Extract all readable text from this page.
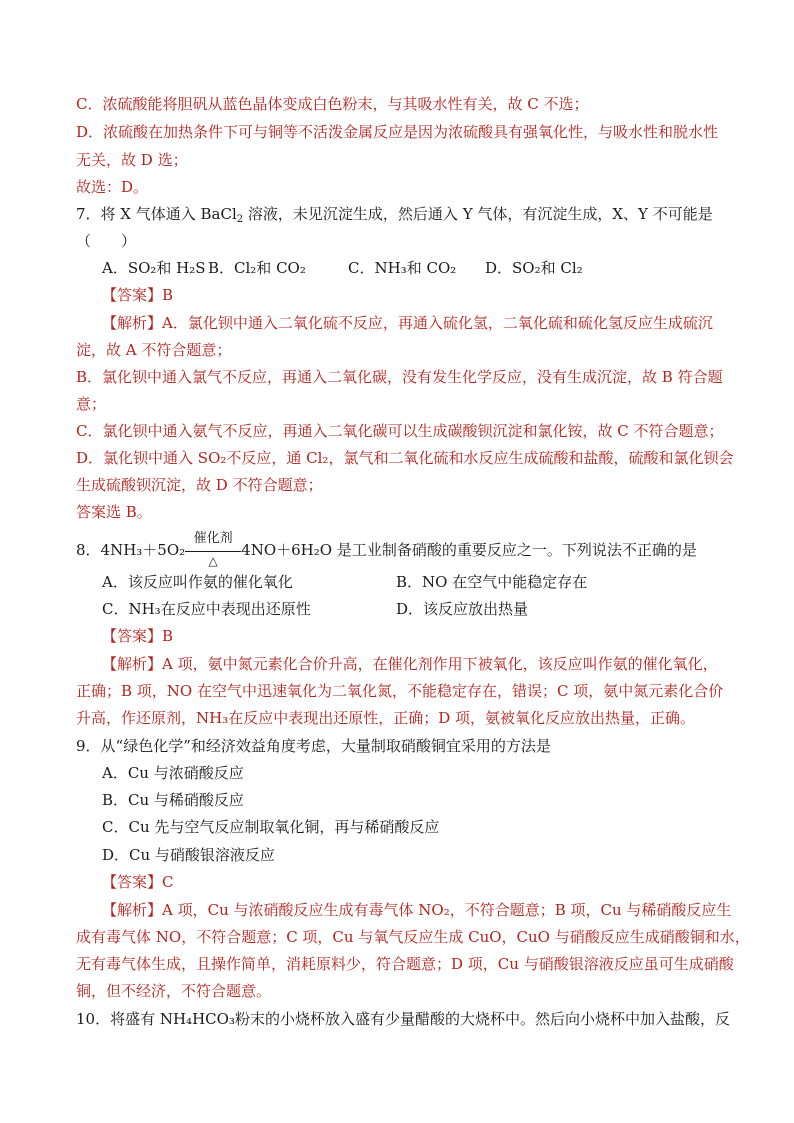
C．浓硫酸能将胆矾从蓝色晶体变成白色粉末，与其吸水性有关，故 C 不选；
D．浓硫酸在加热条件下可与铜等不活泼金属反应是因为浓硫酸具有强氧化性，与吸水性和脱水性
无关，故 D 选；
故选：D。
7．将 X 气体通入 BaCl$_2$ 溶液，未见沉淀生成，然后通入 Y 气体，有沉淀生成，X、Y 不可能是
（　　）
A．SO₂和 H₂S B．Cl₂和 CO₂	C．NH₃和 CO₂ D．SO₂和 Cl₂
【答案】B
【解析】A．氯化钡中通入二氧化硫不反应，再通入硫化氢，二氧化硫和硫化氢反应生成硫沉
淀，故 A 不符合题意；
B．氯化钡中通入氯气不反应，再通入二氧化碳，没有发生化学反应，没有生成沉淀，故 B 符合题
意；
C．氯化钡中通入氨气不反应，再通入二氧化碳可以生成碳酸钡沉淀和氯化铵，故 C 不符合题意；
D．氯化钡中通入 SO₂不反应，通 Cl₂，氯气和二氧化硫和水反应生成硫酸和盐酸，硫酸和氯化钡会
生成硫酸钡沉淀，故 D 不符合题意；
答案选 B。
8．4NH₃＋5O₂
催化剂
△
4NO＋6H₂O 是工业制备硝酸的重要反应之一。下列说法不正确的是
A．该反应叫作氨的催化氧化	B．NO 在空气中能稳定存在
C．NH₃在反应中表现出还原性	D．该反应放出热量
【答案】B
【解析】A 项，氨中氮元素化合价升高，在催化剂作用下被氧化，该反应叫作氨的催化氧化，
正确；B 项，NO 在空气中迅速氧化为二氧化氮，不能稳定存在，错误；C 项，氨中氮元素化合价
升高，作还原剂，NH₃在反应中表现出还原性，正确；D 项，氨被氧化反应放出热量，正确。
9．从“绿色化学”和经济效益角度考虑，大量制取硝酸铜宜采用的方法是
A．Cu 与浓硝酸反应
B．Cu 与稀硝酸反应
C．Cu 先与空气反应制取氧化铜，再与稀硝酸反应
D．Cu 与硝酸银溶液反应
【答案】C
【解析】A 项，Cu 与浓硝酸反应生成有毒气体 NO₂，不符合题意；B 项，Cu 与稀硝酸反应生
成有毒气体 NO，不符合题意；C 项，Cu 与氧气反应生成 CuO，CuO 与硝酸反应生成硝酸铜和水，
无有毒气体生成，且操作简单，消耗原料少，符合题意；D 项，Cu 与硝酸银溶液反应虽可生成硝酸
铜，但不经济，不符合题意。
10．将盛有 NH₄HCO₃粉末的小烧杯放入盛有少量醋酸的大烧杯中。然后向小烧杯中加入盐酸，反
